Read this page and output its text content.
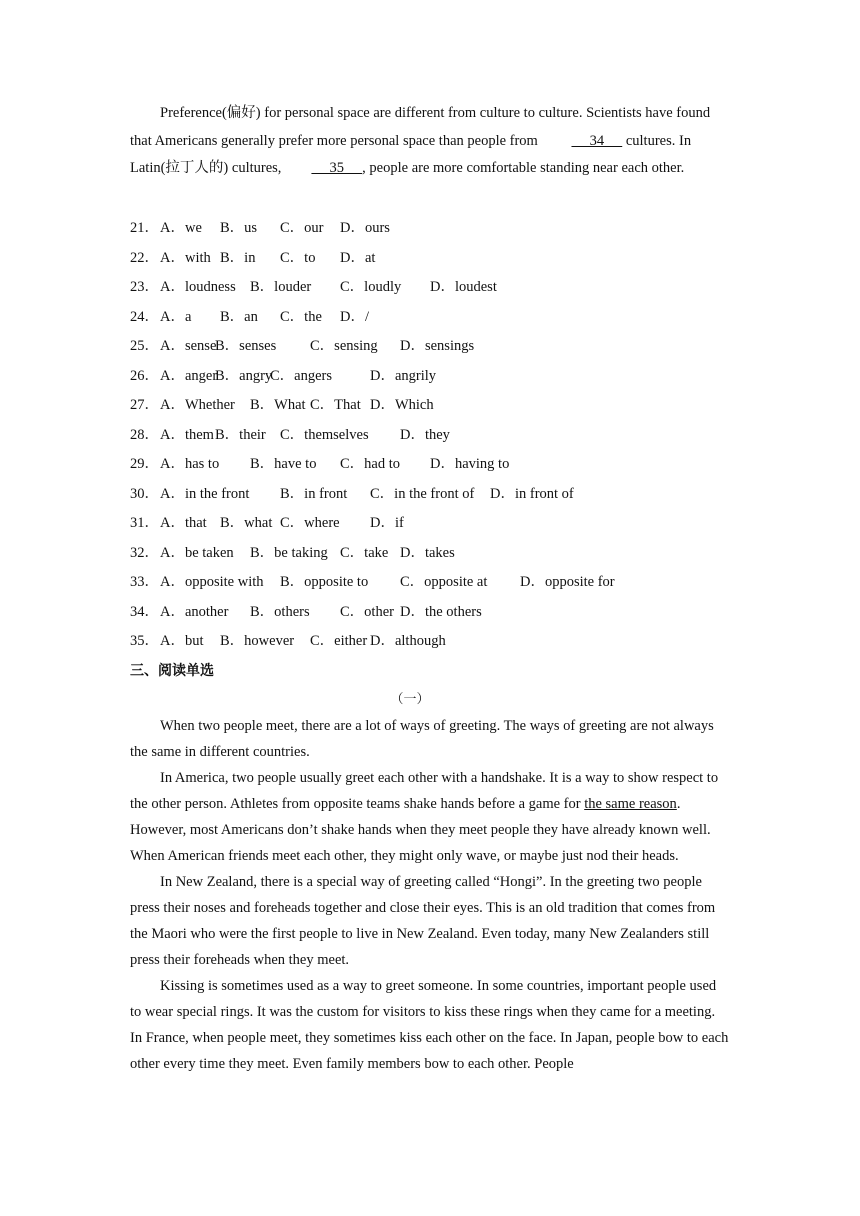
Preference(偏好) for personal space are different from culture to culture. Scientists have found that Americans generally prefer more personal space than people from      34      cultures. In Latin(拉丁人的) cultures,     35     , people are more comfortable standing near each other.
21． A．we B．us C．our D．ours
22． A．with B．in C．to D．at
23． A．loudness B．louder C．loudly D．loudest
24． A．a B．an C．the D．/
25． A．sense
B．senses C．sensing D．sensings
26． A．anger
B．angry
C．angers	D．angrily
27． A．Whether B．What C．That D．Which
28． A．them B．their C．themselves D．they
29． A．has to B．have to C．had to D．having to
30． A．in the front B．in front C．in the front of D．in front of
31． A．that B．what C．where D．if
32． A．be taken B．be taking C．take D．takes
33． A．opposite with B．opposite to C．opposite at D．opposite for
34． A．another B．others C．other D．the others
35． A．but B．however C．either D．although
三、阅读单选
（一）

When two people meet, there are a lot of ways of greeting. The ways of greeting are not always the same in different countries.

In America, two people usually greet each other with a handshake. It is a way to show respect to the other person. Athletes from opposite teams shake hands before a game for the same reason. However, most Americans don’t shake hands when they meet people they have already known well. When American friends meet each other, they might only wave, or maybe just nod their heads.

In New Zealand, there is a special way of greeting called “Hongi”. In the greeting two people press their noses and foreheads together and close their eyes. This is an old tradition that comes from the Maori who were the first people to live in New Zealand. Even today, many New Zealanders still press their foreheads when they meet.

Kissing is sometimes used as a way to greet someone. In some countries, important people used to wear special rings. It was the custom for visitors to kiss these rings when they came for a meeting. In France, when people meet, they sometimes kiss each other on the face. In Japan, people bow to each other every time they meet. Even family members bow to each other. People
